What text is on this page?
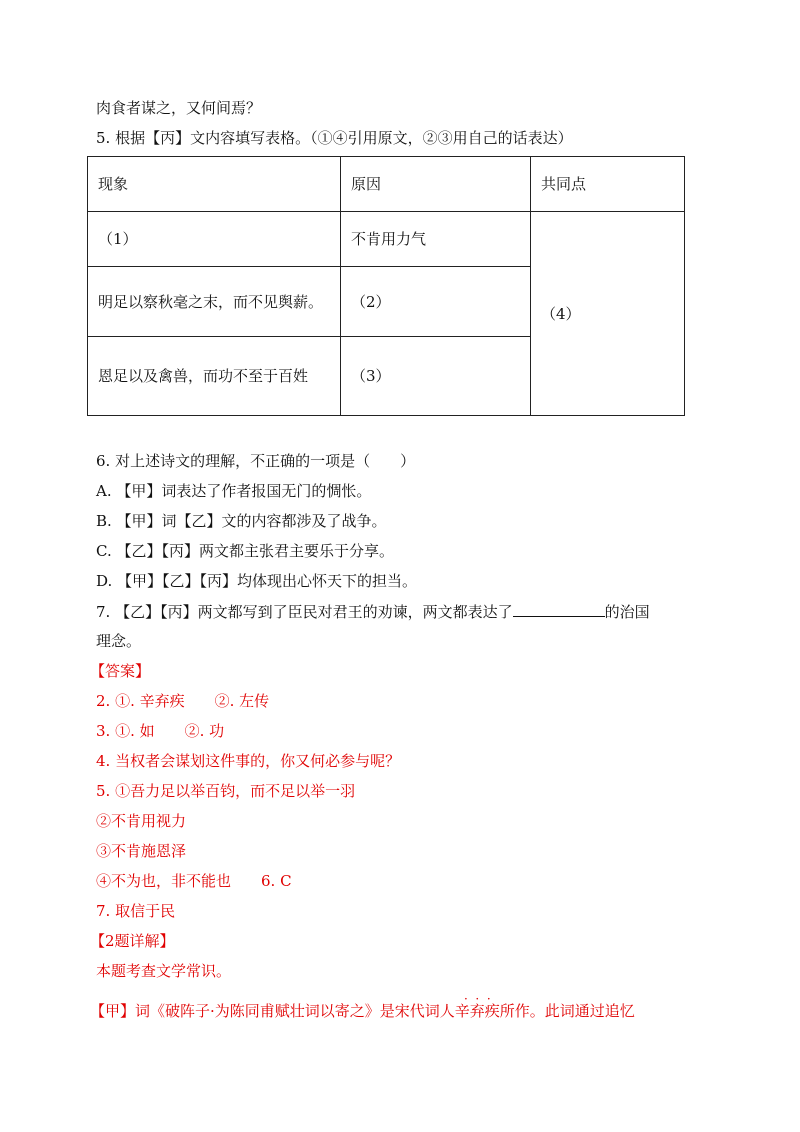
肉食者谋之，又何间焉？
5. 根据【丙】文内容填写表格。（①④引用原文，②③用自己的话表达）
现象	原因	共同点
（1）	不肯用力气	（4）
明足以察秋毫之末，而不见舆薪。	（2）	
恩足以及禽兽，而功不至于百姓	（3）	
6. 对上述诗文的理解，不正确的一项是（　　）
A. 【甲】词表达了作者报国无门的惆怅。
B. 【甲】词【乙】文的内容都涉及了战争。
C. 【乙】【丙】两文都主张君主要乐于分享。
D. 【甲】【乙】【丙】均体现出心怀天下的担当。
7. 【乙】【丙】两文都写到了臣民对君王的劝谏，两文都表达了	的治国
理念。
【答案】
2. ①. 辛弃疾　　②. 左传
3. ①. 如　　②. 功
4. 当权者会谋划这件事的，你又何必参与呢？
5. ①吾力足以举百钧，而不足以举一羽
②不肯用视力
③不肯施恩泽
④不为也，非不能也 6. C
7. 取信于民
【2题详解】
本题考查文学常识。
【甲】词《破阵子·为陈同甫赋壮词以寄之》是宋代词人
·  ·  ·
辛弃疾所作。此词通过追忆
